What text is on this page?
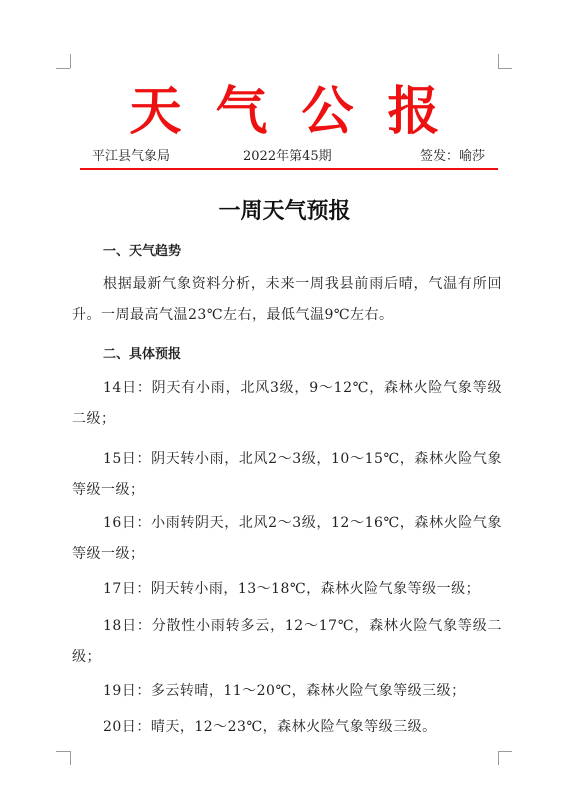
天气公报
平江县气象局	2022年第45期	签发：喻莎
一周天气预报
一、天气趋势

根据最新气象资料分析，未来一周我县前雨后晴，气温有所回升。一周最高气温23℃左右，最低气温9℃左右。

二、具体预报

14日：阴天有小雨，北风3级，9～12℃，森林火险气象等级二级；

15日：阴天转小雨，北风2～3级，10～15℃，森林火险气象等级一级；

16日：小雨转阴天，北风2～3级，12～16℃，森林火险气象等级一级；

17日：阴天转小雨，13～18℃，森林火险气象等级一级；

18日：分散性小雨转多云，12～17℃，森林火险气象等级二级；

19日：多云转晴，11～20℃，森林火险气象等级三级；

20日：晴天，12～23℃，森林火险气象等级三级。
